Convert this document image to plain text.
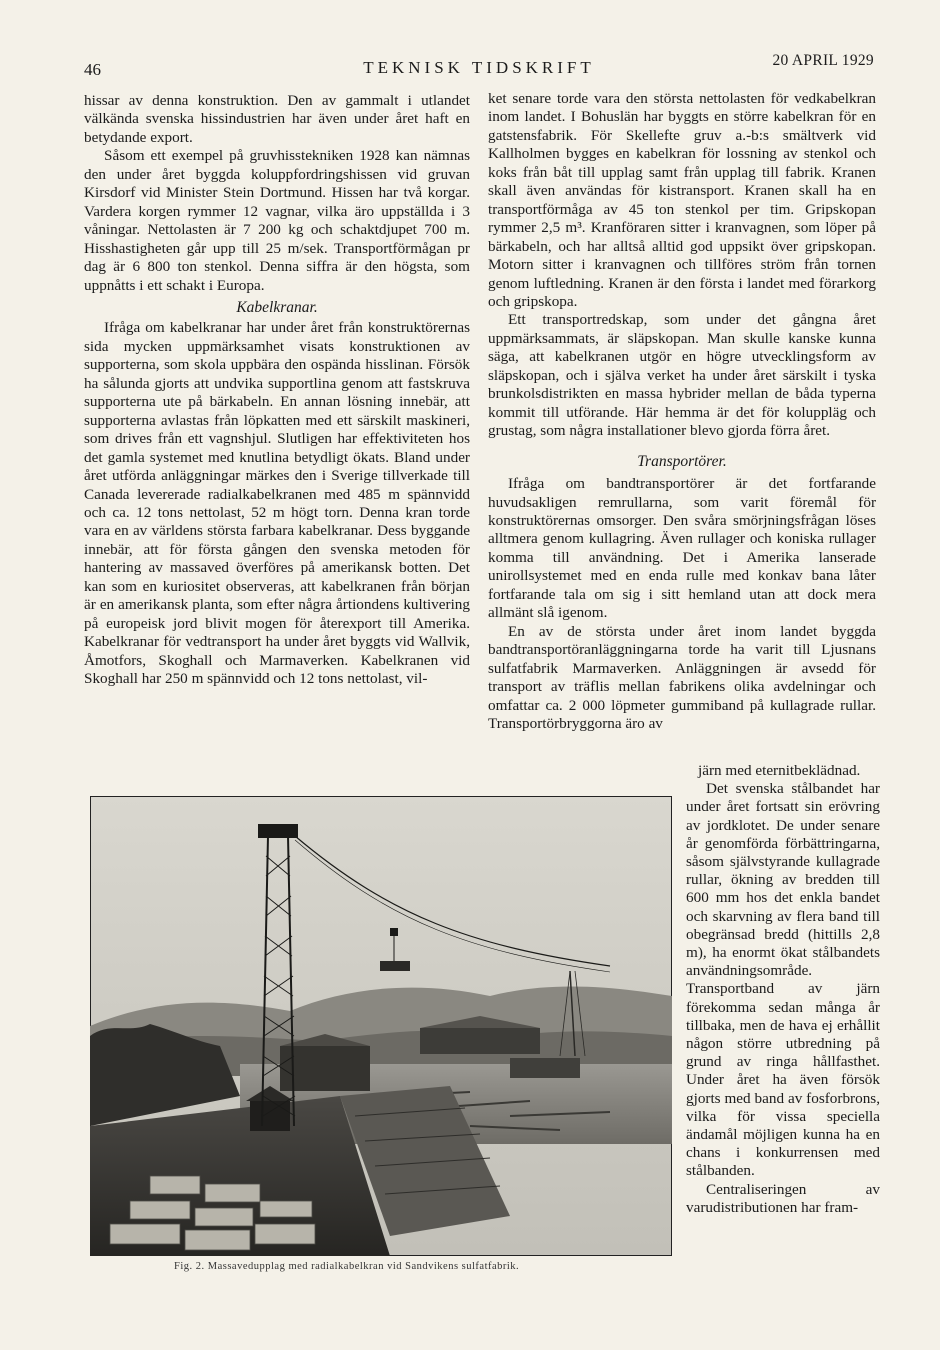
46	TEKNISK TIDSKRIFT	20 APRIL 1929

hissar av denna konstruktion. Den av gammalt i utlandet välkända svenska hissindustrien har även under året haft en betydande export.

Såsom ett exempel på gruvhisstekniken 1928 kan nämnas den under året byggda koluppfordringshissen vid gruvan Kirsdorf vid Minister Stein Dortmund. Hissen har två korgar. Vardera korgen rymmer 12 vagnar, vilka äro uppställda i 3 våningar. Nettolasten är 7 200 kg och schaktdjupet 700 m. Hisshastigheten går upp till 25 m/sek. Transportförmågan pr dag är 6 800 ton stenkol. Denna siffra är den högsta, som uppnåtts i ett schakt i Europa.

Kabelkranar.

Ifråga om kabelkranar har under året från konstruktörernas sida mycken uppmärksamhet visats konstruktionen av supporterna, som skola uppbära den ospända hisslinan. Försök ha sålunda gjorts att undvika supportlina genom att fastskruva supporterna ute på bärkabeln. En annan lösning innebär, att supporterna avlastas från löpkatten med ett särskilt maskineri, som drives från ett vagnshjul. Slutligen har effektiviteten hos det gamla systemet med knutlina betydligt ökats. Bland under året utförda anläggningar märkes den i Sverige tillverkade till Canada levererade radialkabelkranen med 485 m spännvidd och ca. 12 tons nettolast, 52 m högt torn. Denna kran torde vara en av världens största farbara kabelkranar. Dess byggande innebär, att för första gången den svenska metoden för hantering av massaved överföres på amerikansk botten. Det kan som en kuriositet observeras, att kabelkranen från början är en amerikansk planta, som efter några årtiondens kultivering på europeisk jord blivit mogen för återexport till Amerika. Kabelkranar för vedtransport ha under året byggts vid Wallvik, Åmotfors, Skoghall och Marmaverken. Kabelkranen vid Skoghall har 250 m spännvidd och 12 tons nettolast, vil-

ket senare torde vara den största nettolasten för vedkabelkran inom landet. I Bohuslän har byggts en större kabelkran för en gatstensfabrik. För Skellefte gruv a.-b:s smältverk vid Kallholmen bygges en kabelkran för lossning av stenkol och koks från båt till upplag samt från upplag till fabrik. Kranen skall även användas för kistransport. Kranen skall ha en transportförmåga av 45 ton stenkol per tim. Gripskopan rymmer 2,5 m³. Kranföraren sitter i kranvagnen, som löper på bärkabeln, och har alltså alltid god uppsikt över gripskopan. Motorn sitter i kranvagnen och tillföres ström från tornen genom luftledning. Kranen är den första i landet med förarkorg och gripskopa.

Ett transportredskap, som under det gångna året uppmärksammats, är släpskopan. Man skulle kanske kunna säga, att kabelkranen utgör en högre utvecklingsform av släpskopan, och i själva verket ha under året särskilt i tyska brunkolsdistrikten en massa hybrider mellan de båda typerna kommit till utförande. Här hemma är det för koluppläg och grustag, som några installationer blevo gjorda förra året.

Transportörer.

Ifråga om bandtransportörer är det fortfarande huvudsakligen remrullarna, som varit föremål för konstruktörernas omsorger. Den svåra smörjningsfrågan löses alltmera genom kullagring. Även rullager och koniska rullager komma till användning. Det i Amerika lanserade unirollsystemet med en enda rulle med konkav bana låter fortfarande tala om sig i sitt hemland utan att dock mera allmänt slå igenom.

En av de största under året inom landet byggda bandtransportöranläggningarna torde ha varit till Ljusnans sulfatfabrik Marmaverken. Anläggningen är avsedd för transport av träflis mellan fabrikens olika avdelningar och omfattar ca. 2 000 löpmeter gummiband på kullagrade rullar. Transportörbryggorna äro av

järn med eternitbeklädnad.

Det svenska stålbandet har under året fortsatt sin erövring av jordklotet. De under senare år genomförda förbättringarna, såsom självstyrande kullagrade rullar, ökning av bredden till 600 mm hos det enkla bandet och skarvning av flera band till obegränsad bredd (hittills 2,8 m), ha enormt ökat stålbandets användningsområde. Transportband av järn förekomma sedan många år tillbaka, men de hava ej erhållit någon större utbredning på grund av ringa hållfasthet. Under året ha även försök gjorts med band av fosforbrons, vilka för vissa speciella ändamål möjligen kunna ha en chans i konkurrensen med stålbanden.

Centraliseringen av varudistributionen har fram-

Fig. 2. Massavedupplag med radialkabelkran vid Sandvikens sulfatfabrik.
